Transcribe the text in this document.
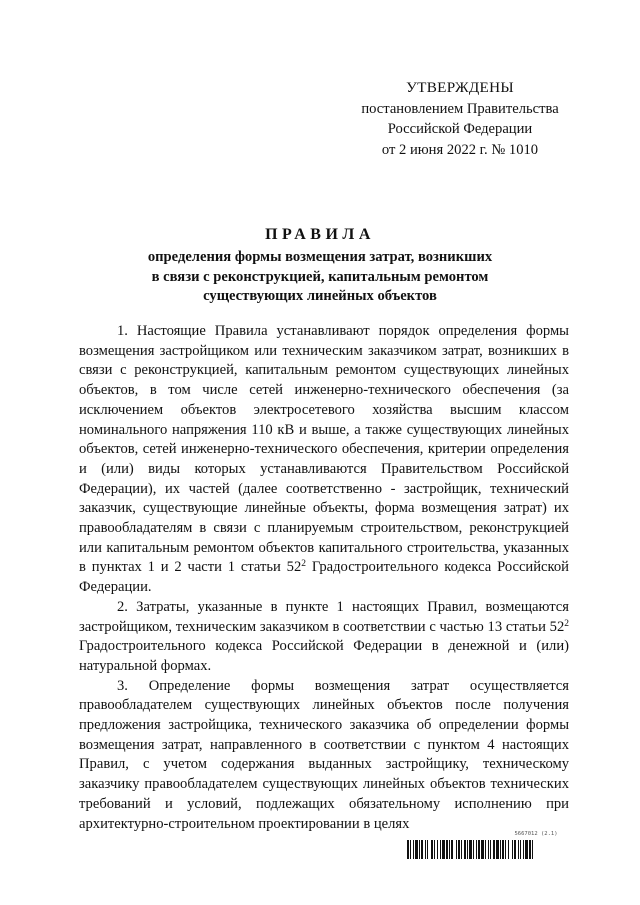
УТВЕРЖДЕНЫ
постановлением Правительства
Российской Федерации
от 2 июня 2022 г. № 1010
ПРАВИЛА
определения формы возмещения затрат, возникших
в связи с реконструкцией, капитальным ремонтом
существующих линейных объектов

1. Настоящие Правила устанавливают порядок определения формы возмещения застройщиком или техническим заказчиком затрат, возникших в связи с реконструкцией, капитальным ремонтом существующих линейных объектов, в том числе сетей инженерно-технического обеспечения (за исключением объектов электросетевого хозяйства высшим классом номинального напряжения 110 кВ и выше, а также существующих линейных объектов, сетей инженерно-технического обеспечения, критерии определения и (или) виды которых устанавливаются Правительством Российской Федерации), их частей (далее соответственно - застройщик, технический заказчик, существующие линейные объекты, форма возмещения затрат) их правообладателям в связи с планируемым строительством, реконструкцией или капитальным ремонтом объектов капитального строительства, указанных в пунктах 1 и 2 части 1 статьи $52^2$ Градостроительного кодекса Российской Федерации.

2. Затраты, указанные в пункте 1 настоящих Правил, возмещаются застройщиком, техническим заказчиком в соответствии с частью 13 статьи $52^2$ Градостроительного кодекса Российской Федерации в денежной и (или) натуральной формах.

3. Определение формы возмещения затрат осуществляется правообладателем существующих линейных объектов после получения предложения застройщика, технического заказчика об определении формы возмещения затрат, направленного в соответствии с пунктом 4 настоящих Правил, с учетом содержания выданных застройщику, техническому заказчику правообладателем существующих линейных объектов технических требований и условий, подлежащих обязательному исполнению при архитектурно-строительном проектировании в целях

5667012 (2.1)
